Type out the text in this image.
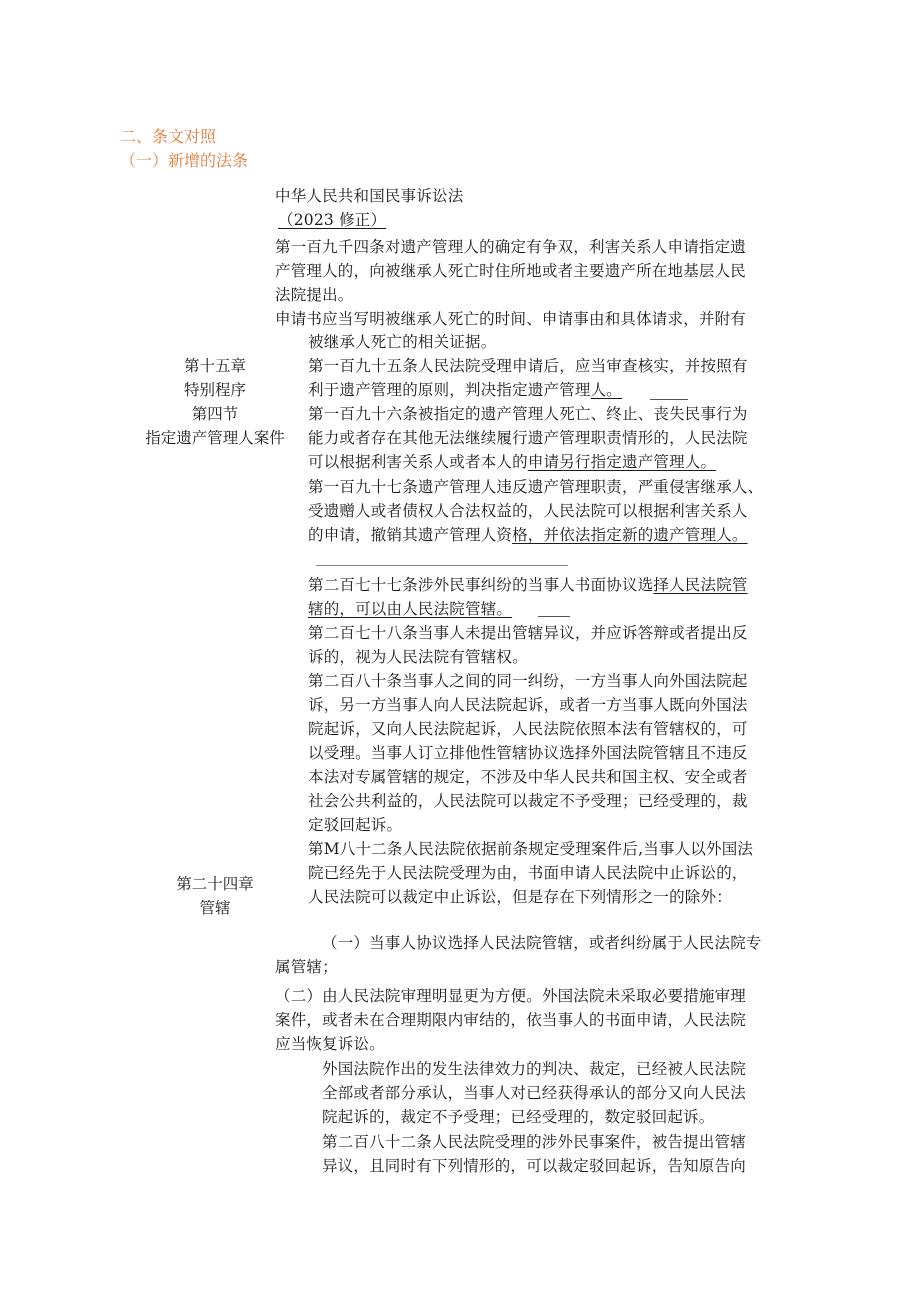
二、条文对照
（一）新增的法条
中华人民共和国民事诉讼法
（2023 修正）
第十五章
特别程序
第四节
指定遗产管理人案件
第二十四章
管辖
第一百九千四条对遗产管理人的确定有争双，利害关系人申请指定遗
产管理人的，向被继承人死亡时住所地或者主要遗产所在地基层人民
法院提出。
申请书应当写明被继承人死亡的时间、申请事由和具体请求，并附有
被继承人死亡的相关证据。
第一百九十五条人民法院受理申请后，应当审查核实，并按照有
利于遗产管理的原则，判决指定遗产管理人。
第一百九十六条被指定的遗产管理人死亡、终止、丧失民事行为
能力或者存在其他无法继续履行遗产管理职责情形的，人民法院
可以根据利害关系人或者本人的申请另行指定遗产管理人。
第一百九十七条遗产管理人违反遗产管理职责，严重侵害继承人、
受遗赠人或者债权人合法权益的，人民法院可以根据利害关系人
的申请，撤销其遗产管理人资格，并依法指定新的遗产管理人。
第二百七十七条涉外民事纠纷的当事人书面协议选择人民法院管
辖的，可以由人民法院管辖。
第二百七十八条当事人未提出管辖异议，并应诉答辩或者提出反
诉的，视为人民法院有管辖权。
第二百八十条当事人之间的同一纠纷，一方当事人向外国法院起
诉，另一方当事人向人民法院起诉，或者一方当事人既向外国法
院起诉，又向人民法院起诉，人民法院依照本法有管辖权的，可
以受理。当事人订立排他性管辖协议选择外国法院管辖且不违反
本法对专属管辖的规定，不涉及中华人民共和国主权、安全或者
社会公共利益的，人民法院可以裁定不予受理；已经受理的，裁
定驳回起诉。
第M八十二条人民法院依据前条规定受理案件后,当事人以外国法
院已经先于人民法院受理为由，书面申请人民法院中止诉讼的，
人民法院可以裁定中止诉讼，但是存在下列情形之一的除外：
（一）当事人协议选择人民法院管辖，或者纠纷属于人民法院专
属管辖；
（二）由人民法院审理明显更为方便。外国法院未采取必要措施审理
案件，或者未在合理期限内审结的，依当事人的书面申请，人民法院
应当恢复诉讼。
外国法院作出的发生法律效力的判决、裁定，已经被人民法院
全部或者部分承认，当事人对已经获得承认的部分又向人民法
院起诉的，裁定不予受理；已经受理的，数定驳回起诉。
第二百八十二条人民法院受理的涉外民事案件，被告提出管辖
异议，且同时有下列情形的，可以裁定驳回起诉，告知原告向
